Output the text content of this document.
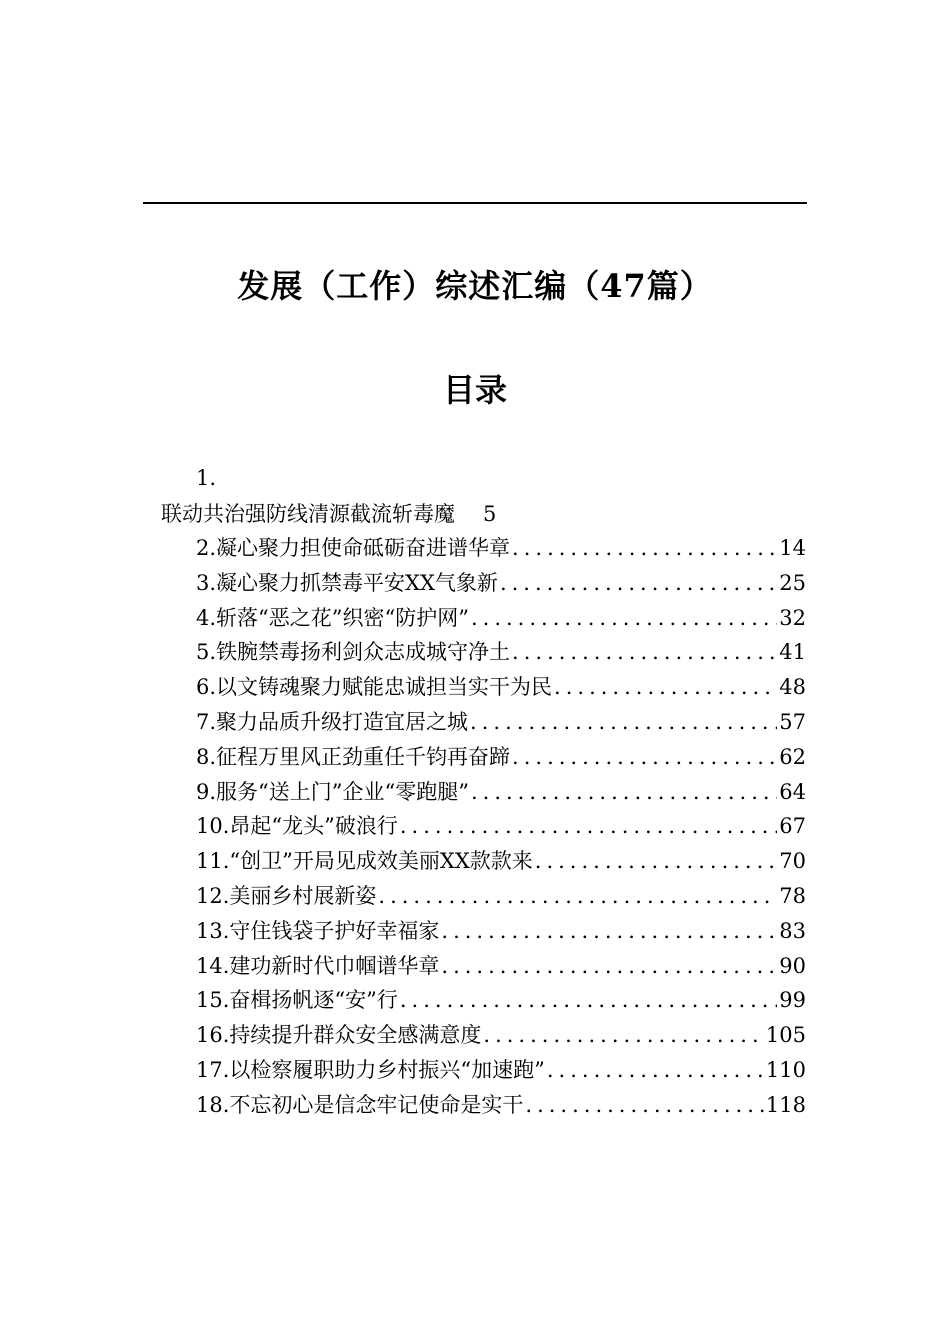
发展（工作）综述汇编（47篇）
目录
1.
联动共治强防线清源截流斩毒魔 5
2.凝心聚力担使命砥砺奋进谱华章 .....	14
3.凝心聚力抓禁毒平安XX气象新 .....	25
4.斩落“恶之花”织密“防护网” .....	32
5.铁腕禁毒扬利剑众志成城守净土 .....	41
6.以文铸魂聚力赋能忠诚担当实干为民 .....	48
7.聚力品质升级打造宜居之城 .....	57
8.征程万里风正劲重任千钧再奋蹄 .....	62
9.服务“送上门”企业“零跑腿” .....	64
10.昂起“龙头”破浪行 .....	67
11.“创卫”开局见成效美丽XX款款来 .....	70
12.美丽乡村展新姿 .....	78
13.守住钱袋子护好幸福家 .....	83
14.建功新时代巾帼谱华章 .....	90
15.奋楫扬帆逐“安”行 .....	99
16.持续提升群众安全感满意度 .....	105
17.以检察履职助力乡村振兴“加速跑” .....	110
18.不忘初心是信念牢记使命是实干 .....	118
